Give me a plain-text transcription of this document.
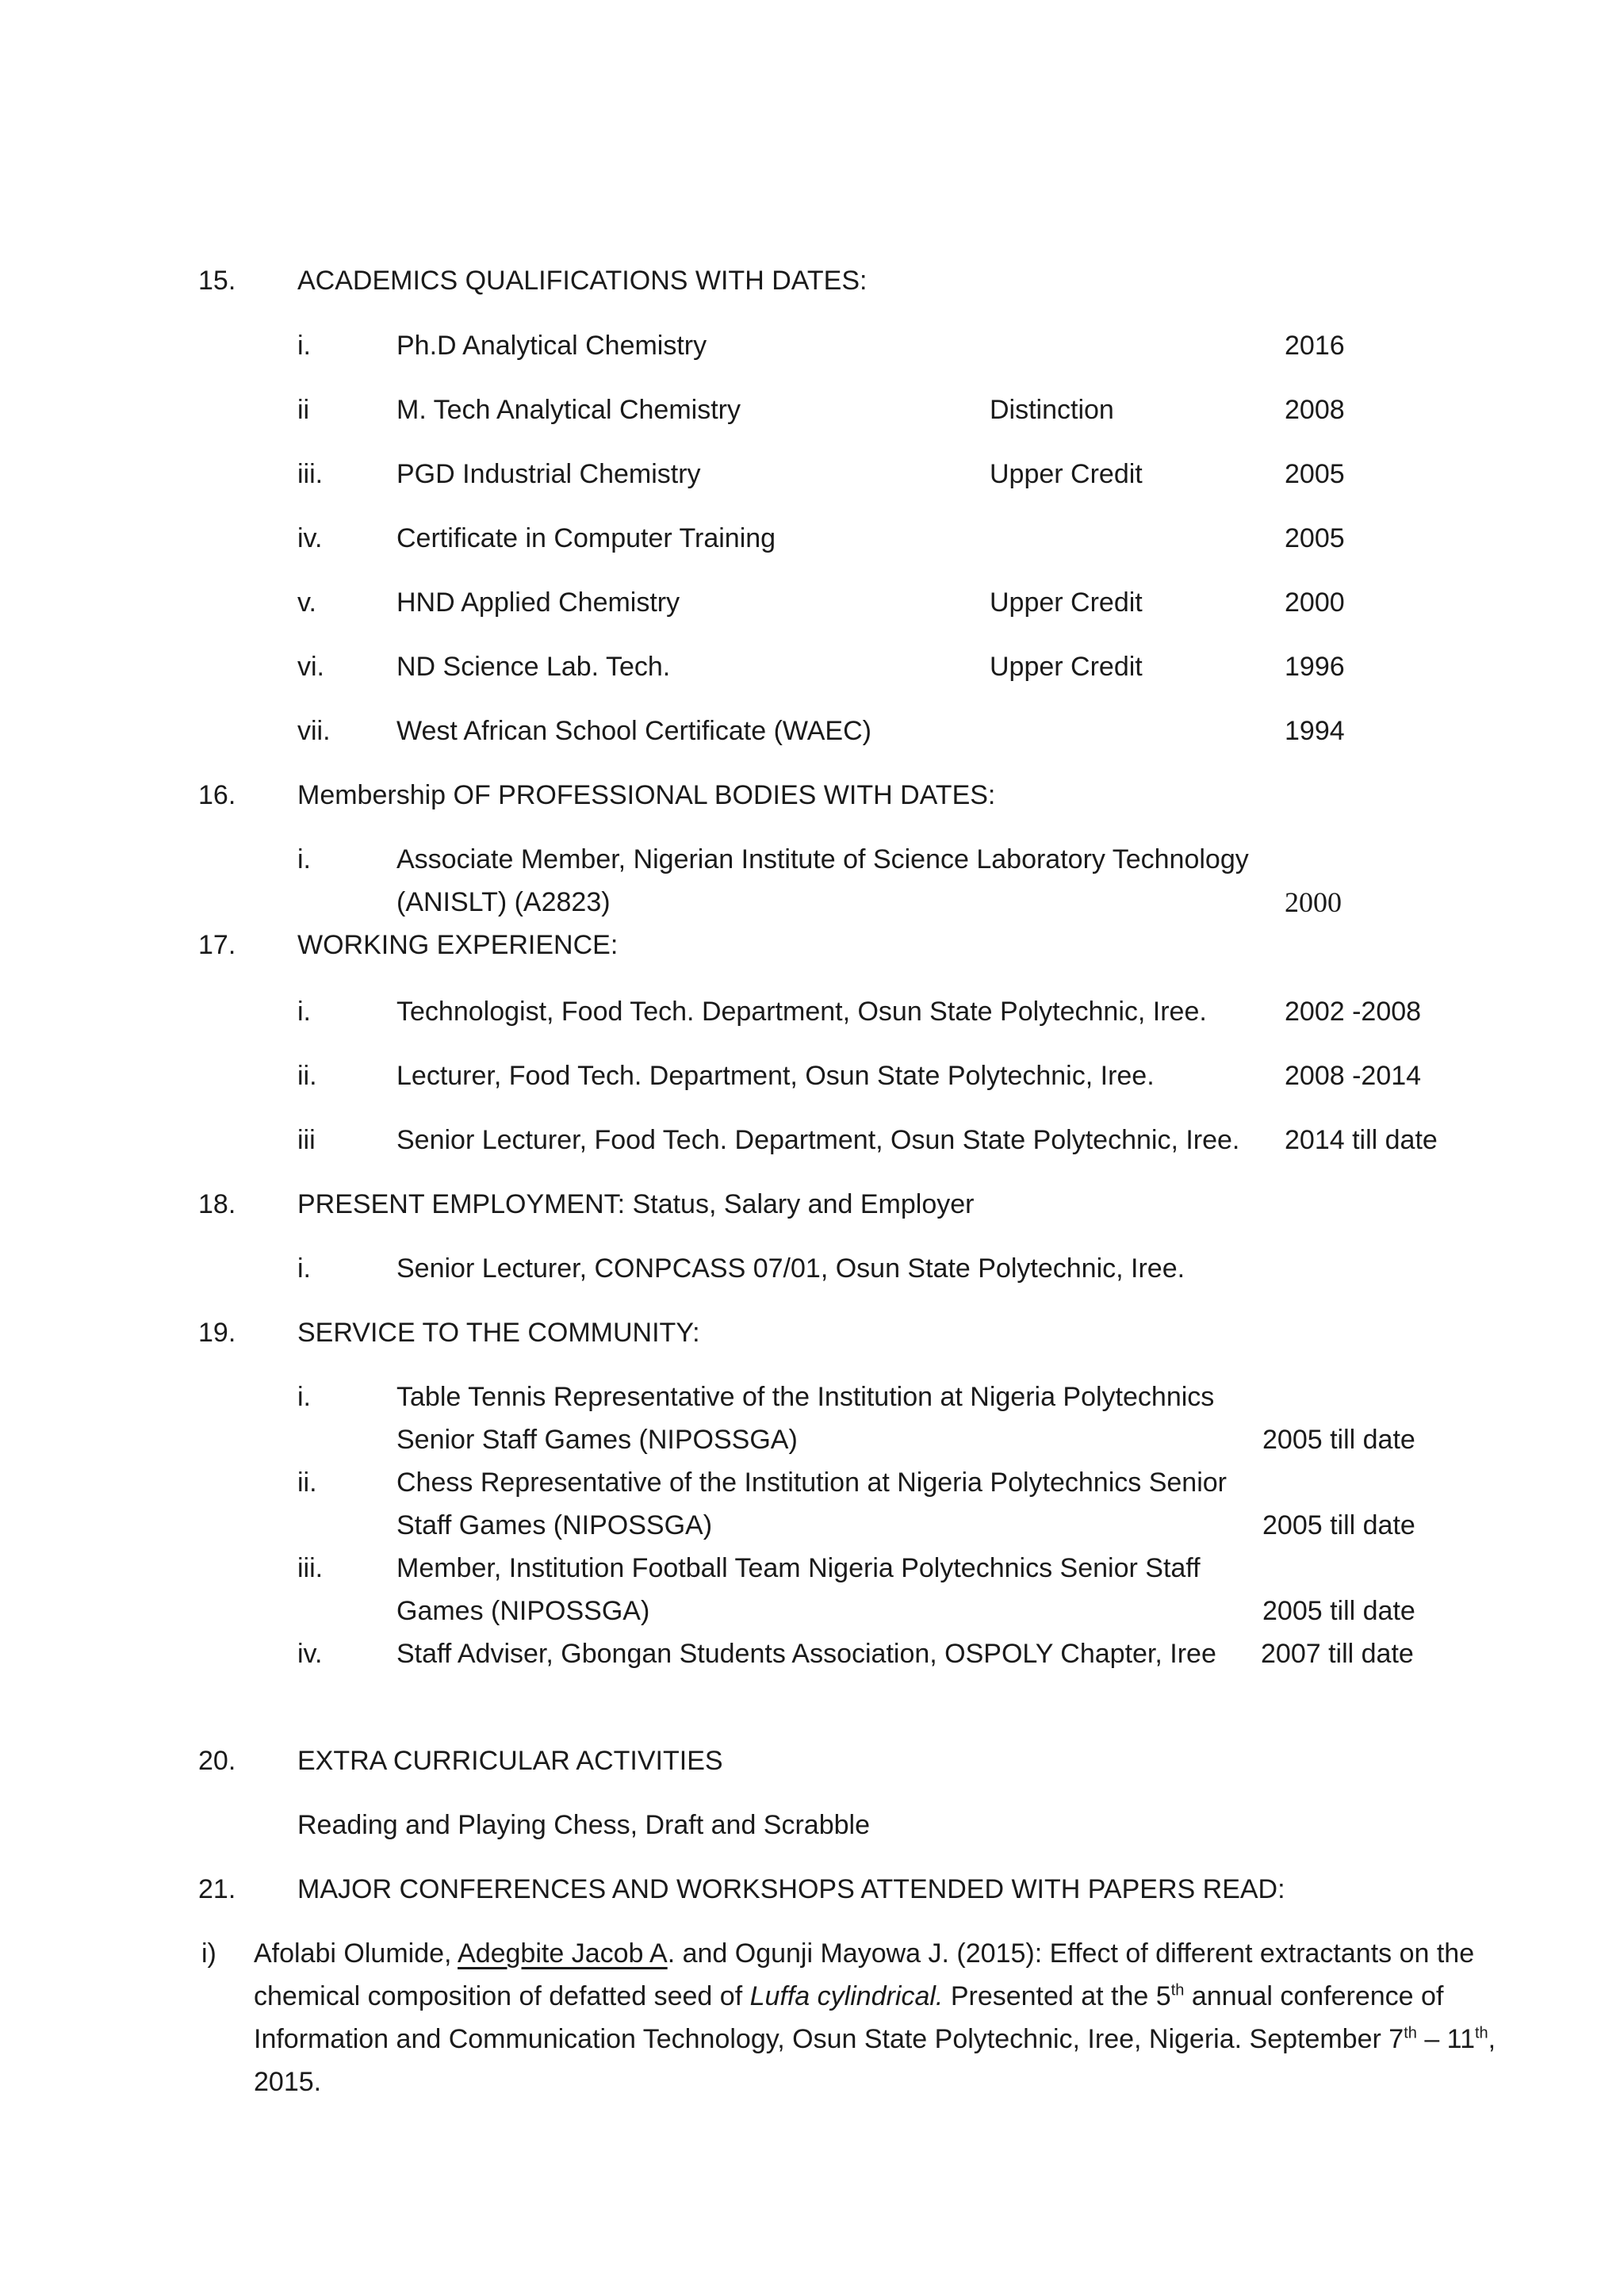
15. ACADEMICS QUALIFICATIONS WITH DATES:
i.	Ph.D Analytical Chemistry	2016
ii	M. Tech Analytical Chemistry	Distinction	2008
iii.	PGD Industrial Chemistry	Upper Credit	2005
iv.	Certificate in Computer Training	2005
v.	HND Applied Chemistry	Upper Credit	2000
vi.	ND Science Lab. Tech.	Upper Credit	1996
vii. West African School Certificate (WAEC)	1994
16. Membership OF PROFESSIONAL BODIES WITH DATES:
i.	Associate Member, Nigerian Institute of Science Laboratory Technology
(ANISLT) (A2823)	2000
17. WORKING EXPERIENCE:
i.	Technologist, Food Tech. Department, Osun State Polytechnic, Iree.	2002 -2008
ii.	Lecturer, Food Tech. Department, Osun State Polytechnic, Iree.	2008 -2014
iii	Senior Lecturer, Food Tech. Department, Osun State Polytechnic, Iree. 2014 till date
18. PRESENT EMPLOYMENT: Status, Salary and Employer
i.	Senior Lecturer, CONPCASS 07/01, Osun State Polytechnic, Iree.
19. SERVICE TO THE COMMUNITY:
i.	Table Tennis Representative of the Institution at Nigeria Polytechnics
Senior Staff Games (NIPOSSGA)	2005 till date
ii.	Chess Representative of the Institution at Nigeria Polytechnics Senior
Staff Games (NIPOSSGA)	2005 till date
iii.	Member, Institution Football Team Nigeria Polytechnics Senior Staff
Games (NIPOSSGA)	2005 till date
iv.	Staff Adviser, Gbongan Students Association, OSPOLY Chapter, Iree 2007 till date
20. EXTRA CURRICULAR ACTIVITIES
Reading and Playing Chess, Draft and Scrabble
21. MAJOR CONFERENCES AND WORKSHOPS ATTENDED WITH PAPERS READ:
i) Afolabi Olumide, Adegbite Jacob A. and Ogunji Mayowa J. (2015): Effect of different extractants on the chemical composition of defatted seed of Luffa cylindrical. Presented at the 5th annual conference of Information and Communication Technology, Osun State Polytechnic, Iree, Nigeria. September 7th – 11th, 2015.
